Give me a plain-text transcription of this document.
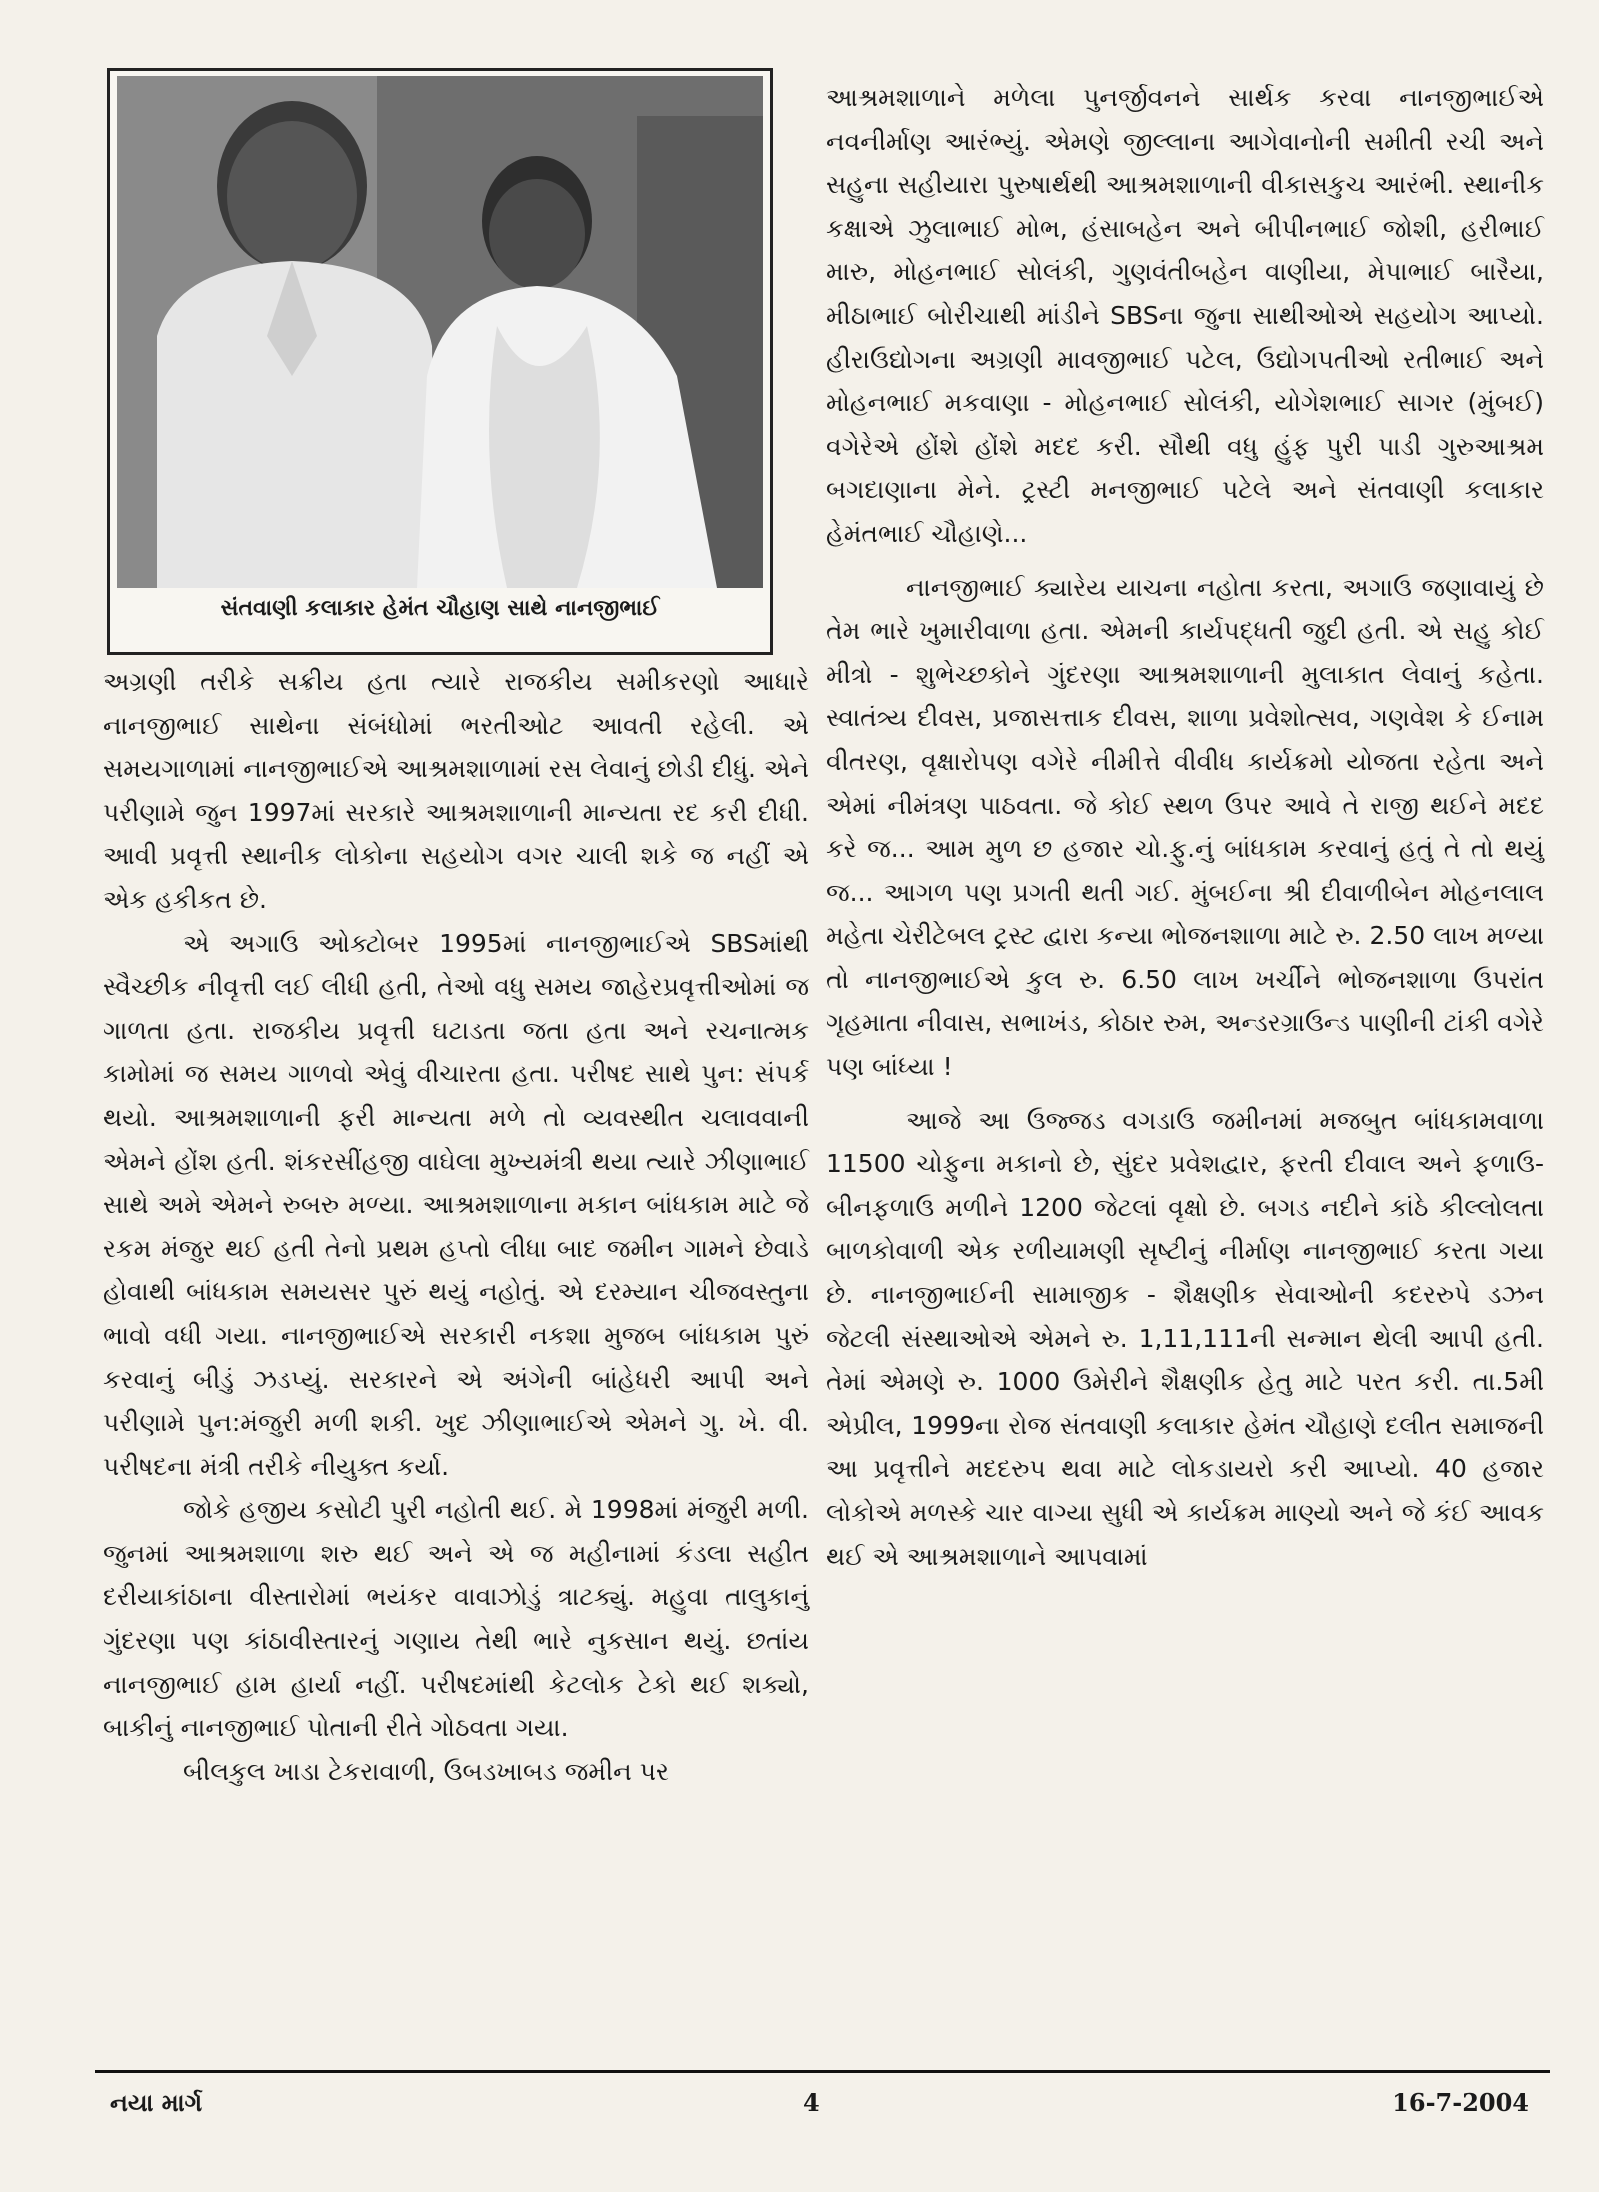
સંતવાણી કલાકાર હેમંત ચૌહાણ સાથે નાનજીભાઈ

અગ્રણી તરીકે સક્રીય હતા ત્યારે રાજકીય સમીકરણો આધારે નાનજીભાઈ સાથેના સંબંધોમાં ભરતીઓટ આવતી રહેલી. એ સમયગાળામાં નાનજીભાઈએ આશ્રમશાળામાં રસ લેવાનું છોડી દીધું. એને પરીણામે જુન 1997માં સરકારે આશ્રમશાળાની માન્યતા રદ કરી દીધી. આવી પ્રવૃત્તી સ્થાનીક લોકોના સહયોગ વગર ચાલી શકે જ નહીં એ એક હકીકત છે.

એ અગાઉ ઓક્ટોબર 1995માં નાનજીભાઈએ SBSમાંથી સ્વૈચ્છીક નીવૃત્તી લઈ લીધી હતી, તેઓ વધુ સમય જાહેરપ્રવૃત્તીઓમાં જ ગાળતા હતા. રાજકીય પ્રવૃત્તી ઘટાડતા જતા હતા અને રચનાત્મક કામોમાં જ સમય ગાળવો એવું વીચારતા હતા. પરીષદ સાથે પુન: સંપર્ક થયો. આશ્રમશાળાની ફરી માન્યતા મળે તો વ્યવસ્થીત ચલાવવાની એમને હોંશ હતી. શંકરસીંહજી વાઘેલા મુખ્યમંત્રી થયા ત્યારે ઝીણાભાઈ સાથે અમે એમને રુબરુ મળ્યા. આશ્રમશાળાના મકાન બાંધકામ માટે જે રકમ મંજુર થઈ હતી તેનો પ્રથમ હપ્તો લીધા બાદ જમીન ગામને છેવાડે હોવાથી બાંધકામ સમયસર પુરું થયું નહોતું. એ દરમ્યાન ચીજવસ્તુના ભાવો વધી ગયા. નાનજીભાઈએ સરકારી નકશા મુજબ બાંધકામ પુરું કરવાનું બીડું ઝડપ્યું. સરકારને એ અંગેની બાંહેધરી આપી અને પરીણામે પુન:મંજુરી મળી શકી. ખુદ ઝીણાભાઈએ એમને ગુ. ખે. વી. પરીષદના મંત્રી તરીકે નીયુક્ત કર્યા.

જોકે હજીય કસોટી પુરી નહોતી થઈ. મે 1998માં મંજુરી મળી. જુનમાં આશ્રમશાળા શરુ થઈ અને એ જ મહીનામાં કંડલા સહીત દરીયાકાંઠાના વીસ્તારોમાં ભયંકર વાવાઝોડું ત્રાટક્યું. મહુવા તાલુકાનું ગુંદરણા પણ કાંઠાવીસ્તારનું ગણાય તેથી ભારે નુકસાન થયું. છતાંય નાનજીભાઈ હામ હાર્યા નહીં. પરીષદમાંથી કેટલોક ટેકો થઈ શક્યો, બાકીનું નાનજીભાઈ પોતાની રીતે ગોઠવતા ગયા.

બીલકુલ ખાડા ટેકરાવાળી, ઉબડખાબડ જમીન પર

આશ્રમશાળાને મળેલા પુનર્જીવનને સાર્થક કરવા નાનજીભાઈએ નવનીર્માણ આરંભ્યું. એમણે જીલ્લાના આગેવાનોની સમીતી રચી અને સહુના સહીયારા પુરુષાર્થથી આશ્રમશાળાની વીકાસકુચ આરંભી. સ્થાનીક કક્ષાએ ઝુલાભાઈ મોભ, હંસાબહેન અને બીપીનભાઈ જોશી, હરીભાઈ મારુ, મોહનભાઈ સોલંકી, ગુણવંતીબહેન વાણીયા, મેપાભાઈ બારૈયા, મીઠાભાઈ બોરીચાથી માંડીને SBSના જુના સાથીઓએ સહયોગ આપ્યો. હીરાઉદ્યોગના અગ્રણી માવજીભાઈ પટેલ, ઉદ્યોગપતીઓ રતીભાઈ અને મોહનભાઈ મકવાણા - મોહનભાઈ સોલંકી, યોગેશભાઈ સાગર (મુંબઈ) વગેરેએ હોંશે હોંશે મદદ કરી. સૌથી વધુ હુંફ પુરી પાડી ગુરુઆશ્રમ બગદાણાના મેને. ટ્રસ્ટી મનજીભાઈ પટેલે અને સંતવાણી કલાકાર હેમંતભાઈ ચૌહાણે...

નાનજીભાઈ ક્યારેય યાચના નહોતા કરતા, અગાઉ જણાવાયું છે તેમ ભારે ખુમારીવાળા હતા. એમની કાર્યપદ્ધતી જુદી હતી. એ સહુ કોઈ મીત્રો - શુભેચ્છકોને ગુંદરણા આશ્રમશાળાની મુલાકાત લેવાનું કહેતા. સ્વાતંત્ર્ય દીવસ, પ્રજાસત્તાક દીવસ, શાળા પ્રવેશોત્સવ, ગણવેશ કે ઈનામ વીતરણ, વૃક્ષારોપણ વગેરે નીમીત્તે વીવીધ કાર્યક્રમો યોજતા રહેતા અને એમાં નીમંત્રણ પાઠવતા. જે કોઈ સ્થળ ઉપર આવે તે રાજી થઈને મદદ કરે જ... આમ મુળ છ હજાર ચો.ફુ.નું બાંધકામ કરવાનું હતું તે તો થયું જ... આગળ પણ પ્રગતી થતી ગઈ. મુંબઈના શ્રી દીવાળીબેન મોહનલાલ મહેતા ચેરીટેબલ ટ્રસ્ટ દ્વારા કન્યા ભોજનશાળા માટે રુ. 2.50 લાખ મળ્યા તો નાનજીભાઈએ કુલ રુ. 6.50 લાખ ખર્ચીને ભોજનશાળા ઉપરાંત ગૃહમાતા નીવાસ, સભાખંડ, કોઠાર રુમ, અન્ડરગ્રાઉન્ડ પાણીની ટાંકી વગેરે પણ બાંધ્યા !

આજે આ ઉજ્જડ વગડાઉ જમીનમાં મજબુત બાંધકામવાળા 11500 ચોફુના મકાનો છે, સુંદર પ્રવેશદ્વાર, ફરતી દીવાલ અને ફળાઉ-બીનફળાઉ મળીને 1200 જેટલાં વૃક્ષો છે. બગડ નદીને કાંઠે કીલ્લોલતા બાળકોવાળી એક રળીયામણી સૃષ્ટીનું નીર્માણ નાનજીભાઈ કરતા ગયા છે. નાનજીભાઈની સામાજીક - શૈક્ષણીક સેવાઓની કદરરુપે ડઝન જેટલી સંસ્થાઓએ એમને રુ. 1,11,111ની સન્માન થેલી આપી હતી. તેમાં એમણે રુ. 1000 ઉમેરીને શૈક્ષણીક હેતુ માટે પરત કરી. તા.5મી એપ્રીલ, 1999ના રોજ સંતવાણી કલાકાર હેમંત ચૌહાણે દલીત સમાજની આ પ્રવૃત્તીને મદદરુપ થવા માટે લોકડાયરો કરી આપ્યો. 40 હજાર લોકોએ મળસ્કે ચાર વાગ્યા સુધી એ કાર્યક્રમ માણ્યો અને જે કંઈ આવક થઈ એ આશ્રમશાળાને આપવામાં

નયા માર્ગ	4	16-7-2004
